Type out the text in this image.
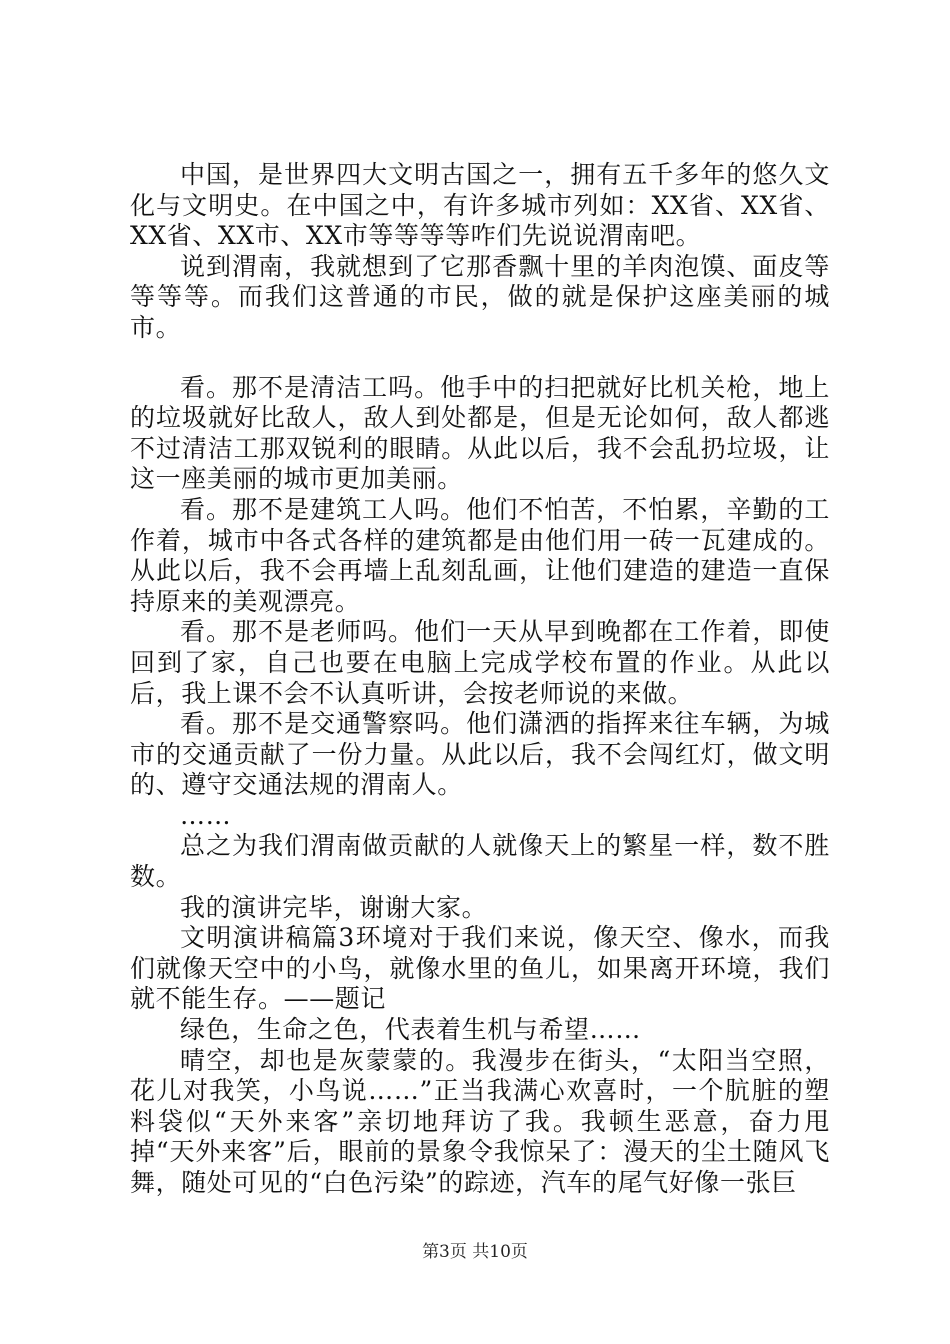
中国，是世界四大文明古国之一，拥有五千多年的悠久文化与文明史。在中国之中，有许多城市列如：XX省、XX省、XX省、XX市、XX市等等等等咋们先说说渭南吧。

说到渭南，我就想到了它那香飘十里的羊肉泡馍、面皮等等等等。而我们这普通的市民，做的就是保护这座美丽的城市。

看。那不是清洁工吗。他手中的扫把就好比机关枪，地上的垃圾就好比敌人，敌人到处都是，但是无论如何，敌人都逃不过清洁工那双锐利的眼睛。从此以后，我不会乱扔垃圾，让这一座美丽的城市更加美丽。

看。那不是建筑工人吗。他们不怕苦，不怕累，辛勤的工作着，城市中各式各样的建筑都是由他们用一砖一瓦建成的。从此以后，我不会再墙上乱刻乱画，让他们建造的建造一直保持原来的美观漂亮。

看。那不是老师吗。他们一天从早到晚都在工作着，即使回到了家，自己也要在电脑上完成学校布置的作业。从此以后，我上课不会不认真听讲，会按老师说的来做。

看。那不是交通警察吗。他们潇洒的指挥来往车辆，为城市的交通贡献了一份力量。从此以后，我不会闯红灯，做文明的、遵守交通法规的渭南人。

……

总之为我们渭南做贡献的人就像天上的繁星一样，数不胜数。

我的演讲完毕，谢谢大家。

文明演讲稿篇3环境对于我们来说，像天空、像水，而我们就像天空中的小鸟，就像水里的鱼儿，如果离开环境，我们就不能生存。——题记

绿色，生命之色，代表着生机与希望……

晴空，却也是灰蒙蒙的。我漫步在街头，“太阳当空照，花儿对我笑，小鸟说……”正当我满心欢喜时，一个肮脏的塑料袋似“天外来客”亲切地拜访了我。我顿生恶意，奋力甩掉“天外来客”后，眼前的景象令我惊呆了：漫天的尘土随风飞舞，随处可见的“白色污染”的踪迹，汽车的尾气好像一张巨

第3页 共10页
